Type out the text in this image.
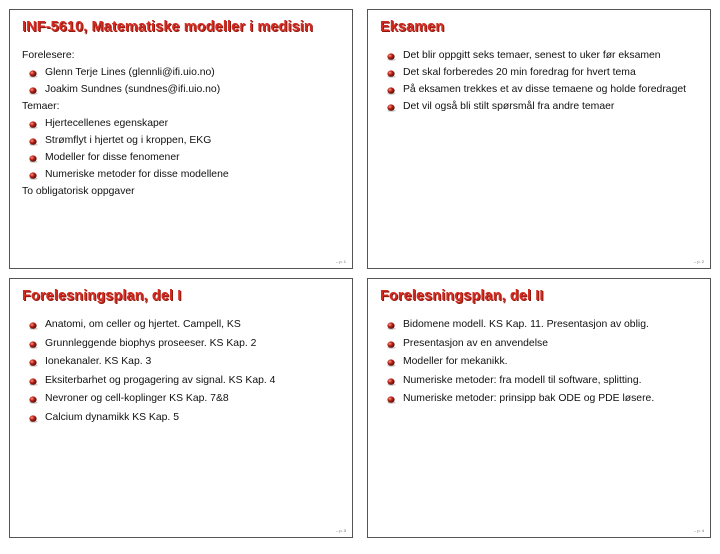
INF-5610, Matematiske modeller i medisin
Forelesere:
Glenn Terje Lines (glennli@ifi.uio.no)
Joakim Sundnes (sundnes@ifi.uio.no)
Temaer:
Hjertecellenes egenskaper
Strømflyt i hjertet og i kroppen, EKG
Modeller for disse fenomener
Numeriske metoder for disse modellene
To obligatorisk oppgaver
– p. 1
Eksamen
Det blir oppgitt seks temaer, senest to uker før eksamen
Det skal forberedes 20 min foredrag for hvert tema
På eksamen trekkes et av disse temaene og holde foredraget
Det vil også bli stilt spørsmål fra andre temaer
– p. 2
Forelesningsplan, del I
Anatomi, om celler og hjertet. Campell, KS
Grunnleggende biophys proseeser. KS Kap. 2
Ionekanaler. KS Kap. 3
Eksiterbarhet og progagering av signal. KS Kap. 4
Nevroner og cell-koplinger KS Kap. 7&8
Calcium dynamikk KS Kap. 5
– p. 3
Forelesningsplan, del II
Bidomene modell. KS Kap. 11. Presentasjon av oblig.
Presentasjon av en anvendelse
Modeller for mekanikk.
Numeriske metoder: fra modell til software, splitting.
Numeriske metoder: prinsipp bak ODE og PDE løsere.
– p. 4
